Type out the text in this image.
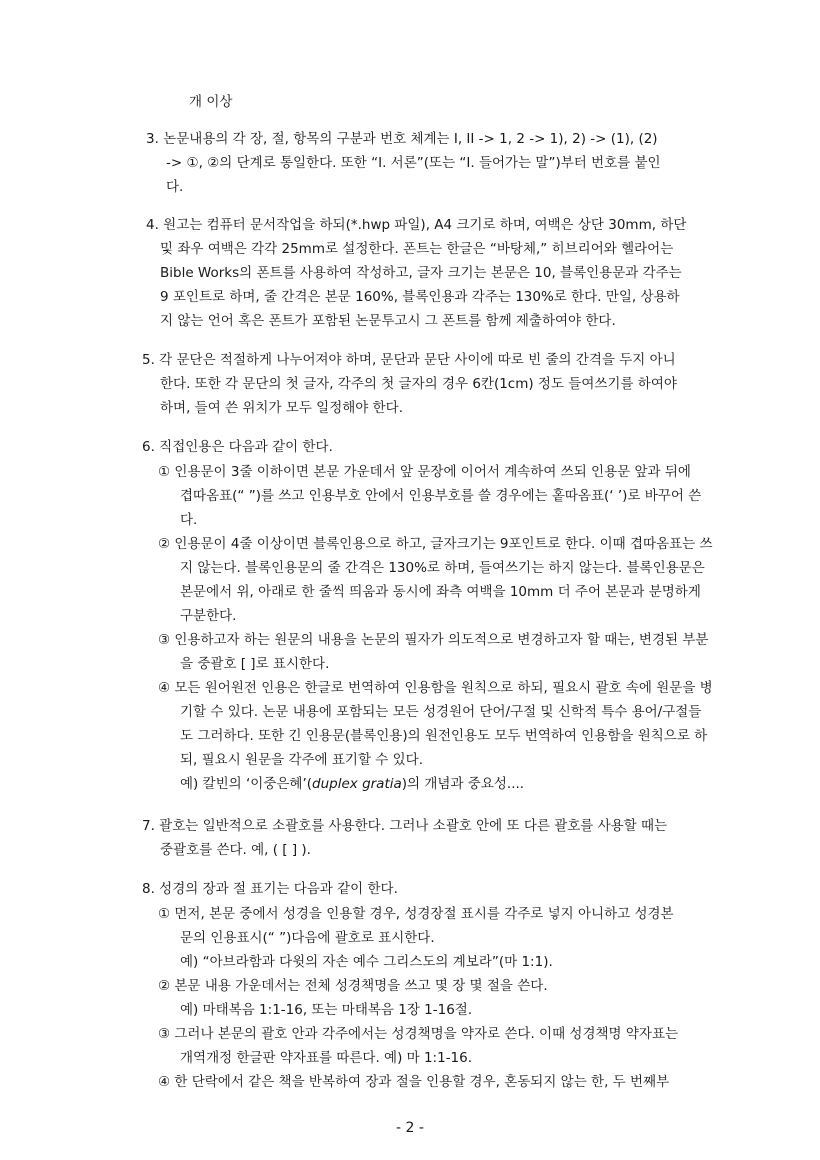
개 이상
3. 논문내용의 각 장, 절, 항목의 구분과 번호 체계는 I, II -> 1, 2 -> 1), 2) -> (1), (2)
-> ①, ②의 단계로 통일한다. 또한 “I. 서론”(또는 “I. 들어가는 말”)부터 번호를 붙인
다.
4. 원고는 컴퓨터 문서작업을 하되(*.hwp 파일), A4 크기로 하며, 여백은 상단 30mm, 하단
및 좌우 여백은 각각 25mm로 설정한다. 폰트는 한글은 “바탕체,” 히브리어와 헬라어는
Bible Works의 폰트를 사용하여 작성하고, 글자 크기는 본문은 10, 블록인용문과 각주는
9 포인트로 하며, 줄 간격은 본문 160%, 블록인용과 각주는 130%로 한다. 만일, 상용하
지 않는 언어 혹은 폰트가 포함된 논문투고시 그 폰트를 함께 제출하여야 한다.
5. 각 문단은 적절하게 나누어져야 하며, 문단과 문단 사이에 따로 빈 줄의 간격을 두지 아니
한다. 또한 각 문단의 첫 글자, 각주의 첫 글자의 경우 6칸(1cm) 정도 들여쓰기를 하여야
하며, 들여 쓴 위치가 모두 일정해야 한다.
6. 직접인용은 다음과 같이 한다.
① 인용문이 3줄 이하이면 본문 가운데서 앞 문장에 이어서 계속하여 쓰되 인용문 앞과 뒤에
겹따옴표(“ ”)를 쓰고 인용부호 안에서 인용부호를 쓸 경우에는 홑따옴표(‘ ’)로 바꾸어 쓴
다.
② 인용문이 4줄 이상이면 블록인용으로 하고, 글자크기는 9포인트로 한다. 이때 겹따옴표는 쓰
지 않는다. 블록인용문의 줄 간격은 130%로 하며, 들여쓰기는 하지 않는다. 블록인용문은
본문에서 위, 아래로 한 줄씩 띄움과 동시에 좌측 여백을 10mm 더 주어 본문과 분명하게
구분한다.
③ 인용하고자 하는 원문의 내용을 논문의 필자가 의도적으로 변경하고자 할 때는, 변경된 부분
을 중괄호 [ ]로 표시한다.
④ 모든 원어원전 인용은 한글로 번역하여 인용함을 원칙으로 하되, 필요시 괄호 속에 원문을 병
기할 수 있다. 논문 내용에 포함되는 모든 성경원어 단어/구절 및 신학적 특수 용어/구절들
도 그러하다. 또한 긴 인용문(블록인용)의 원전인용도 모두 번역하여 인용함을 원칙으로 하
되, 필요시 원문을 각주에 표기할 수 있다.
예) 칼빈의 ‘이중은혜’(duplex gratia)의 개념과 중요성....
7. 괄호는 일반적으로 소괄호를 사용한다. 그러나 소괄호 안에 또 다른 괄호를 사용할 때는
중괄호를 쓴다. 예, ( [ ] ).
8. 성경의 장과 절 표기는 다음과 같이 한다.
① 먼저, 본문 중에서 성경을 인용할 경우, 성경장절 표시를 각주로 넣지 아니하고 성경본
문의 인용표시(“ ”)다음에 괄호로 표시한다.
예) “아브라함과 다윗의 자손 예수 그리스도의 계보라”(마 1:1).
② 본문 내용 가운데서는 전체 성경책명을 쓰고 몇 장 몇 절을 쓴다.
예) 마태복음 1:1-16, 또는 마태복음 1장 1-16절.
③ 그러나 본문의 괄호 안과 각주에서는 성경책명을 약자로 쓴다. 이때 성경책명 약자표는
개역개정 한글판 약자표를 따른다. 예) 마 1:1-16.
④ 한 단락에서 같은 책을 반복하여 장과 절을 인용할 경우, 혼동되지 않는 한, 두 번째부
- 2 -
